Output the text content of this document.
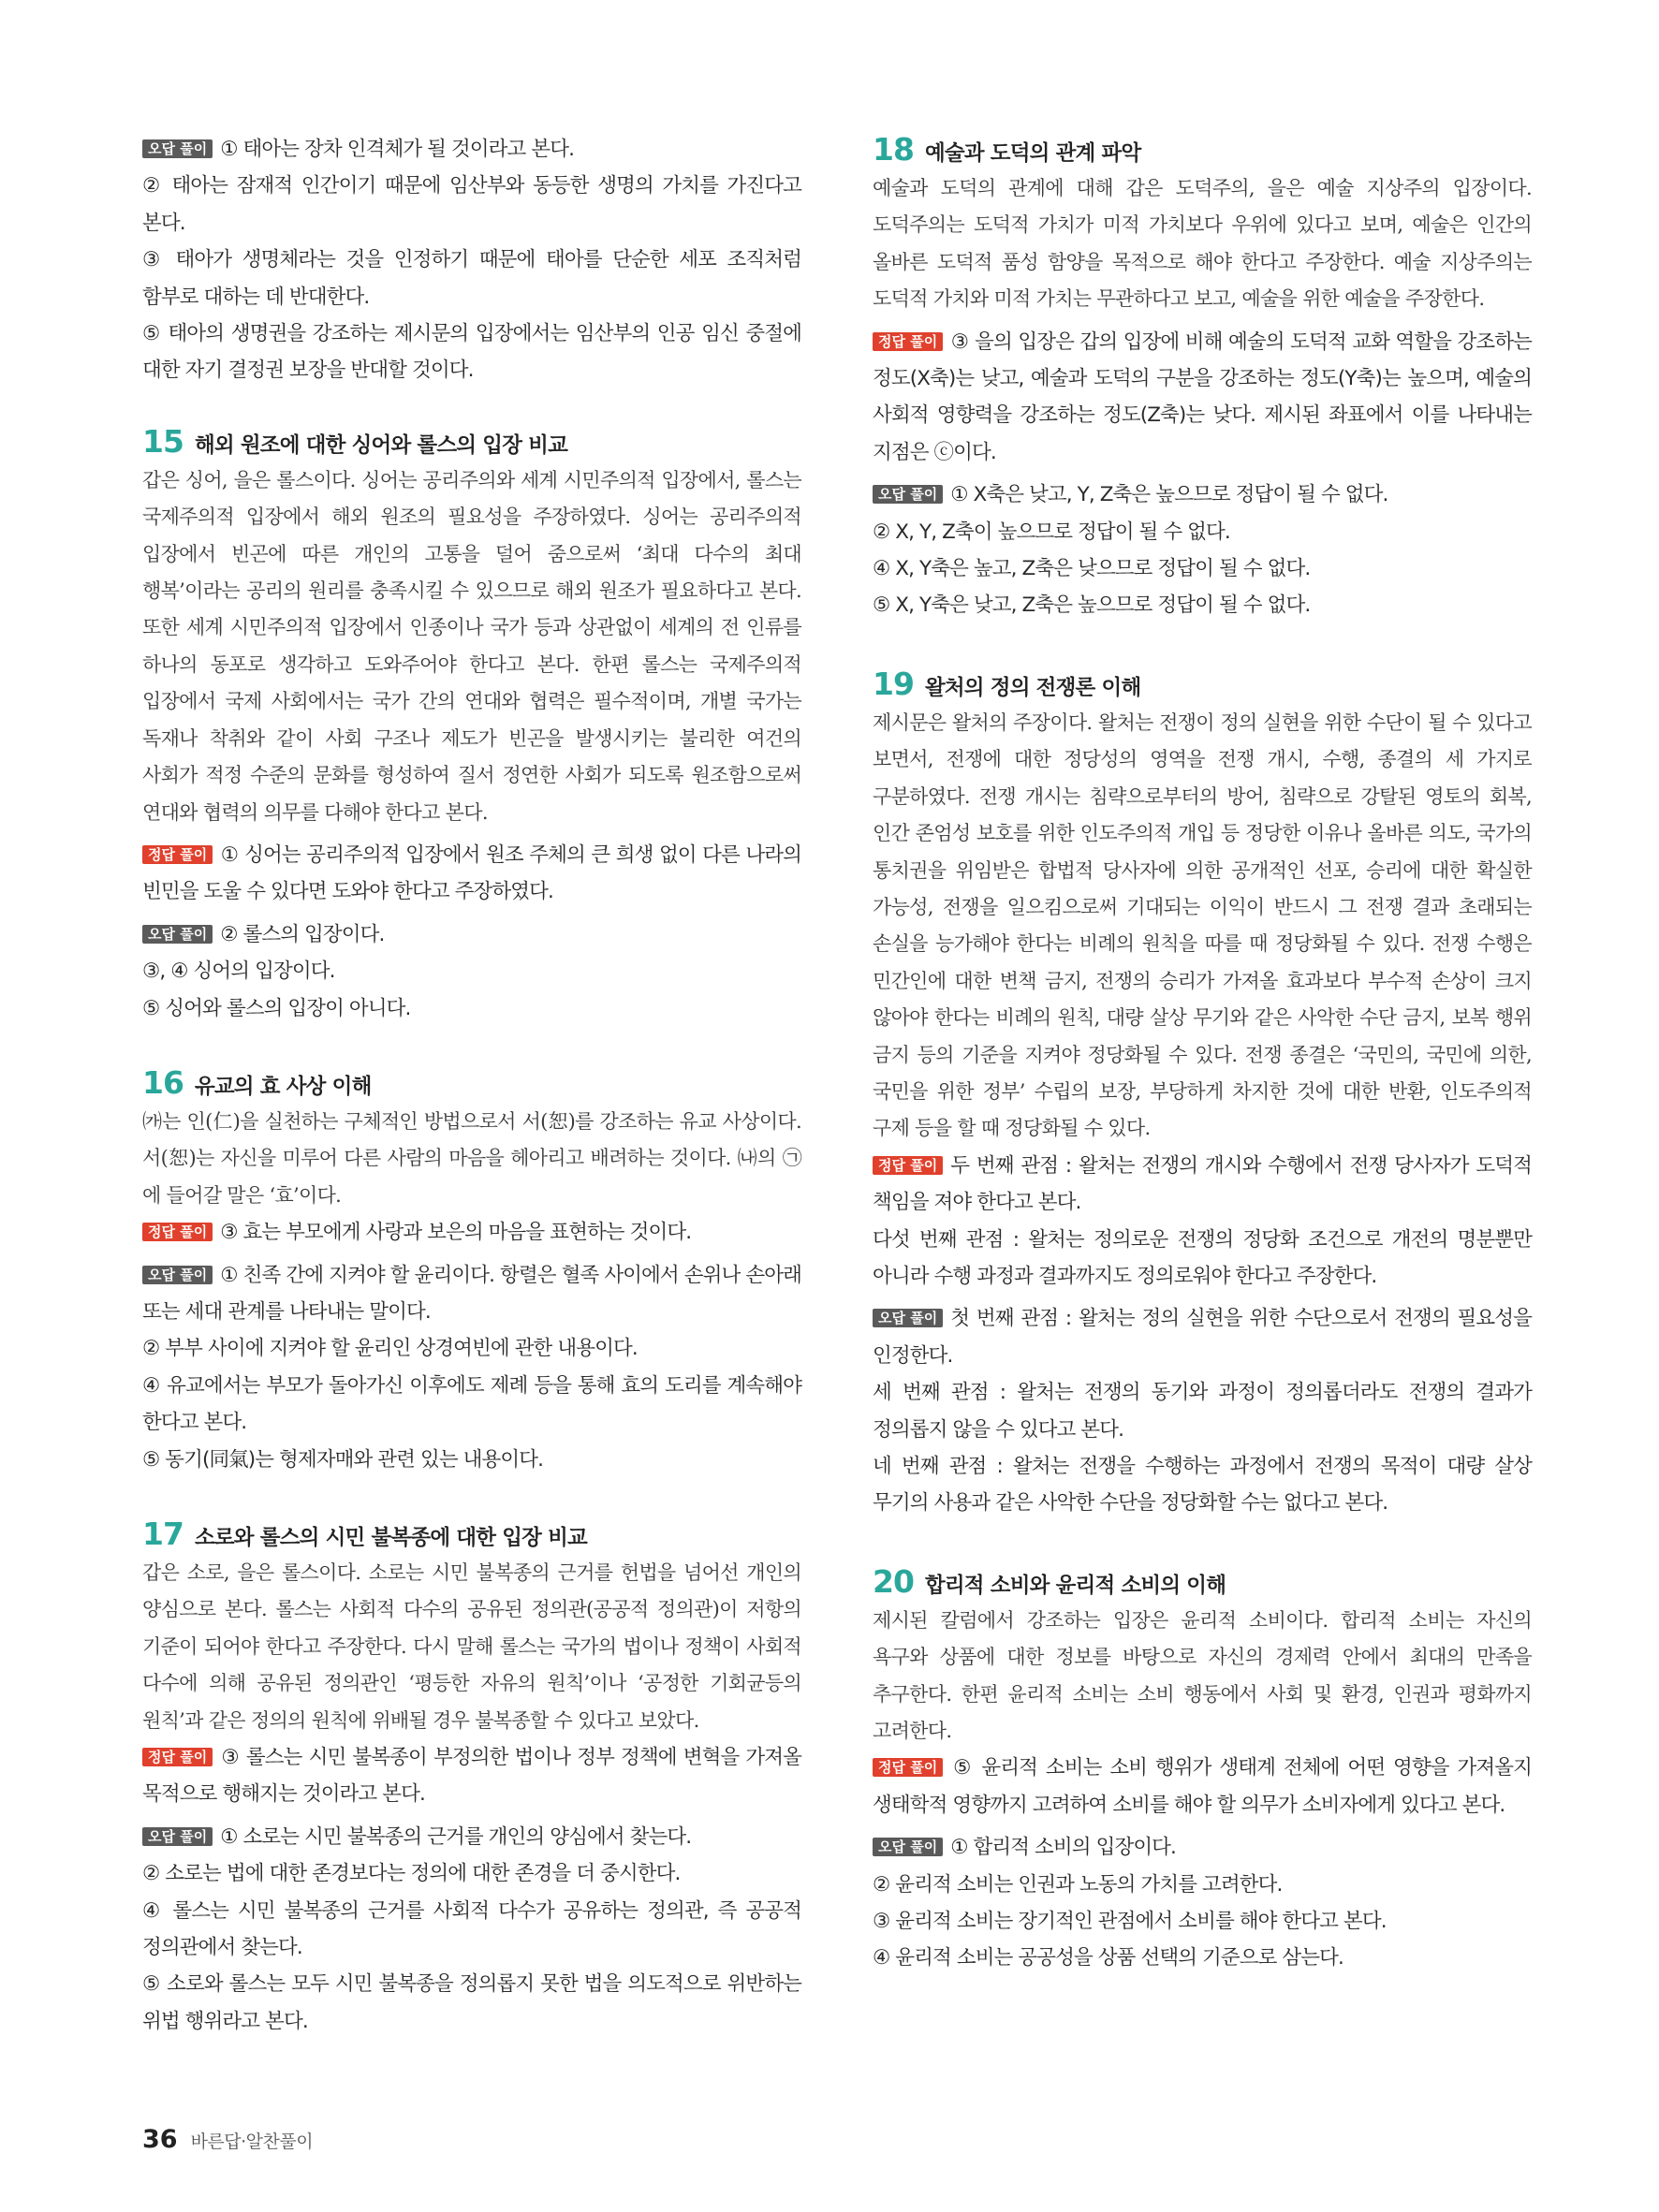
오답 풀이 ① 태아는 장차 인격체가 될 것이라고 본다.

② 태아는 잠재적 인간이기 때문에 임산부와 동등한 생명의 가치를 가진다고 본다.

③ 태아가 생명체라는 것을 인정하기 때문에 태아를 단순한 세포 조직처럼 함부로 대하는 데 반대한다.

⑤ 태아의 생명권을 강조하는 제시문의 입장에서는 임산부의 인공 임신 중절에 대한 자기 결정권 보장을 반대할 것이다.

15 해외 원조에 대한 싱어와 롤스의 입장 비교

갑은 싱어, 을은 롤스이다. 싱어는 공리주의와 세계 시민주의적 입장에서, 롤스는 국제주의적 입장에서 해외 원조의 필요성을 주장하였다. 싱어는 공리주의적 입장에서 빈곤에 따른 개인의 고통을 덜어 줌으로써 ‘최대 다수의 최대 행복’이라는 공리의 원리를 충족시킬 수 있으므로 해외 원조가 필요하다고 본다. 또한 세계 시민주의적 입장에서 인종이나 국가 등과 상관없이 세계의 전 인류를 하나의 동포로 생각하고 도와주어야 한다고 본다. 한편 롤스는 국제주의적 입장에서 국제 사회에서는 국가 간의 연대와 협력은 필수적이며, 개별 국가는 독재나 착취와 같이 사회 구조나 제도가 빈곤을 발생시키는 불리한 여건의 사회가 적정 수준의 문화를 형성하여 질서 정연한 사회가 되도록 원조함으로써 연대와 협력의 의무를 다해야 한다고 본다.

정답 풀이 ① 싱어는 공리주의적 입장에서 원조 주체의 큰 희생 없이 다른 나라의 빈민을 도울 수 있다면 도와야 한다고 주장하였다.

오답 풀이 ② 롤스의 입장이다.

③, ④ 싱어의 입장이다.

⑤ 싱어와 롤스의 입장이 아니다.

16 유교의 효 사상 이해

㈎는 인(仁)을 실천하는 구체적인 방법으로서 서(恕)를 강조하는 유교 사상이다. 서(恕)는 자신을 미루어 다른 사람의 마음을 헤아리고 배려하는 것이다. ㈏의 ㉠에 들어갈 말은 ‘효’이다.

정답 풀이 ③ 효는 부모에게 사랑과 보은의 마음을 표현하는 것이다.

오답 풀이 ① 친족 간에 지켜야 할 윤리이다. 항렬은 혈족 사이에서 손위나 손아래 또는 세대 관계를 나타내는 말이다.

② 부부 사이에 지켜야 할 윤리인 상경여빈에 관한 내용이다.

④ 유교에서는 부모가 돌아가신 이후에도 제례 등을 통해 효의 도리를 계속해야 한다고 본다.

⑤ 동기(同氣)는 형제자매와 관련 있는 내용이다.

17 소로와 롤스의 시민 불복종에 대한 입장 비교

갑은 소로, 을은 롤스이다. 소로는 시민 불복종의 근거를 헌법을 넘어선 개인의 양심으로 본다. 롤스는 사회적 다수의 공유된 정의관(공공적 정의관)이 저항의 기준이 되어야 한다고 주장한다. 다시 말해 롤스는 국가의 법이나 정책이 사회적 다수에 의해 공유된 정의관인 ‘평등한 자유의 원칙’이나 ‘공정한 기회균등의 원칙’과 같은 정의의 원칙에 위배될 경우 불복종할 수 있다고 보았다.

정답 풀이 ③ 롤스는 시민 불복종이 부정의한 법이나 정부 정책에 변혁을 가져올 목적으로 행해지는 것이라고 본다.

오답 풀이 ① 소로는 시민 불복종의 근거를 개인의 양심에서 찾는다.

② 소로는 법에 대한 존경보다는 정의에 대한 존경을 더 중시한다.

④ 롤스는 시민 불복종의 근거를 사회적 다수가 공유하는 정의관, 즉 공공적 정의관에서 찾는다.

⑤ 소로와 롤스는 모두 시민 불복종을 정의롭지 못한 법을 의도적으로 위반하는 위법 행위라고 본다.

18 예술과 도덕의 관계 파악

예술과 도덕의 관계에 대해 갑은 도덕주의, 을은 예술 지상주의 입장이다. 도덕주의는 도덕적 가치가 미적 가치보다 우위에 있다고 보며, 예술은 인간의 올바른 도덕적 품성 함양을 목적으로 해야 한다고 주장한다. 예술 지상주의는 도덕적 가치와 미적 가치는 무관하다고 보고, 예술을 위한 예술을 주장한다.

정답 풀이 ③ 을의 입장은 갑의 입장에 비해 예술의 도덕적 교화 역할을 강조하는 정도(X축)는 낮고, 예술과 도덕의 구분을 강조하는 정도(Y축)는 높으며, 예술의 사회적 영향력을 강조하는 정도(Z축)는 낮다. 제시된 좌표에서 이를 나타내는 지점은 ⓒ이다.

오답 풀이 ① X축은 낮고, Y, Z축은 높으므로 정답이 될 수 없다.

② X, Y, Z축이 높으므로 정답이 될 수 없다.

④ X, Y축은 높고, Z축은 낮으므로 정답이 될 수 없다.

⑤ X, Y축은 낮고, Z축은 높으므로 정답이 될 수 없다.

19 왈처의 정의 전쟁론 이해

제시문은 왈처의 주장이다. 왈처는 전쟁이 정의 실현을 위한 수단이 될 수 있다고 보면서, 전쟁에 대한 정당성의 영역을 전쟁 개시, 수행, 종결의 세 가지로 구분하였다. 전쟁 개시는 침략으로부터의 방어, 침략으로 강탈된 영토의 회복, 인간 존엄성 보호를 위한 인도주의적 개입 등 정당한 이유나 올바른 의도, 국가의 통치권을 위임받은 합법적 당사자에 의한 공개적인 선포, 승리에 대한 확실한 가능성, 전쟁을 일으킴으로써 기대되는 이익이 반드시 그 전쟁 결과 초래되는 손실을 능가해야 한다는 비례의 원칙을 따를 때 정당화될 수 있다. 전쟁 수행은 민간인에 대한 변책 금지, 전쟁의 승리가 가져올 효과보다 부수적 손상이 크지 않아야 한다는 비례의 원칙, 대량 살상 무기와 같은 사악한 수단 금지, 보복 행위 금지 등의 기준을 지켜야 정당화될 수 있다. 전쟁 종결은 ‘국민의, 국민에 의한, 국민을 위한 정부’ 수립의 보장, 부당하게 차지한 것에 대한 반환, 인도주의적 구제 등을 할 때 정당화될 수 있다.

정답 풀이 두 번째 관점 : 왈처는 전쟁의 개시와 수행에서 전쟁 당사자가 도덕적 책임을 져야 한다고 본다.

다섯 번째 관점 : 왈처는 정의로운 전쟁의 정당화 조건으로 개전의 명분뿐만 아니라 수행 과정과 결과까지도 정의로워야 한다고 주장한다.

오답 풀이 첫 번째 관점 : 왈처는 정의 실현을 위한 수단으로서 전쟁의 필요성을 인정한다.

세 번째 관점 : 왈처는 전쟁의 동기와 과정이 정의롭더라도 전쟁의 결과가 정의롭지 않을 수 있다고 본다.

네 번째 관점 : 왈처는 전쟁을 수행하는 과정에서 전쟁의 목적이 대량 살상 무기의 사용과 같은 사악한 수단을 정당화할 수는 없다고 본다.

20 합리적 소비와 윤리적 소비의 이해

제시된 칼럼에서 강조하는 입장은 윤리적 소비이다. 합리적 소비는 자신의 욕구와 상품에 대한 정보를 바탕으로 자신의 경제력 안에서 최대의 만족을 추구한다. 한편 윤리적 소비는 소비 행동에서 사회 및 환경, 인권과 평화까지 고려한다.

정답 풀이 ⑤ 윤리적 소비는 소비 행위가 생태계 전체에 어떤 영향을 가져올지 생태학적 영향까지 고려하여 소비를 해야 할 의무가 소비자에게 있다고 본다.

오답 풀이 ① 합리적 소비의 입장이다.

② 윤리적 소비는 인권과 노동의 가치를 고려한다.

③ 윤리적 소비는 장기적인 관점에서 소비를 해야 한다고 본다.

④ 윤리적 소비는 공공성을 상품 선택의 기준으로 삼는다.

36 바른답·알찬풀이
